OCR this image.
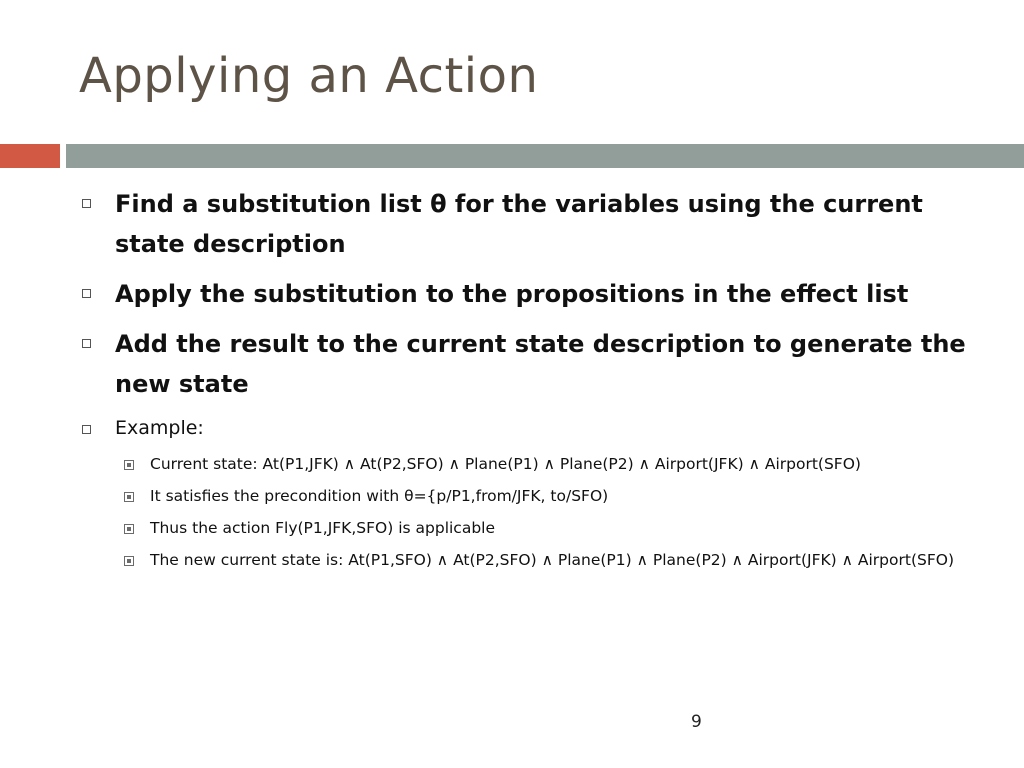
Applying an Action
Find a substitution list θ for the variables using the current state description
Apply the substitution to the propositions in the effect list
Add the result to the current state description to generate the new state
Example:
Current state: At(P1,JFK) ∧ At(P2,SFO) ∧ Plane(P1) ∧ Plane(P2) ∧ Airport(JFK) ∧ Airport(SFO)
It satisfies the precondition with θ={p/P1,from/JFK, to/SFO)
Thus the action Fly(P1,JFK,SFO) is applicable
The new current state is: At(P1,SFO) ∧ At(P2,SFO) ∧ Plane(P1) ∧ Plane(P2) ∧ Airport(JFK) ∧ Airport(SFO)
9
